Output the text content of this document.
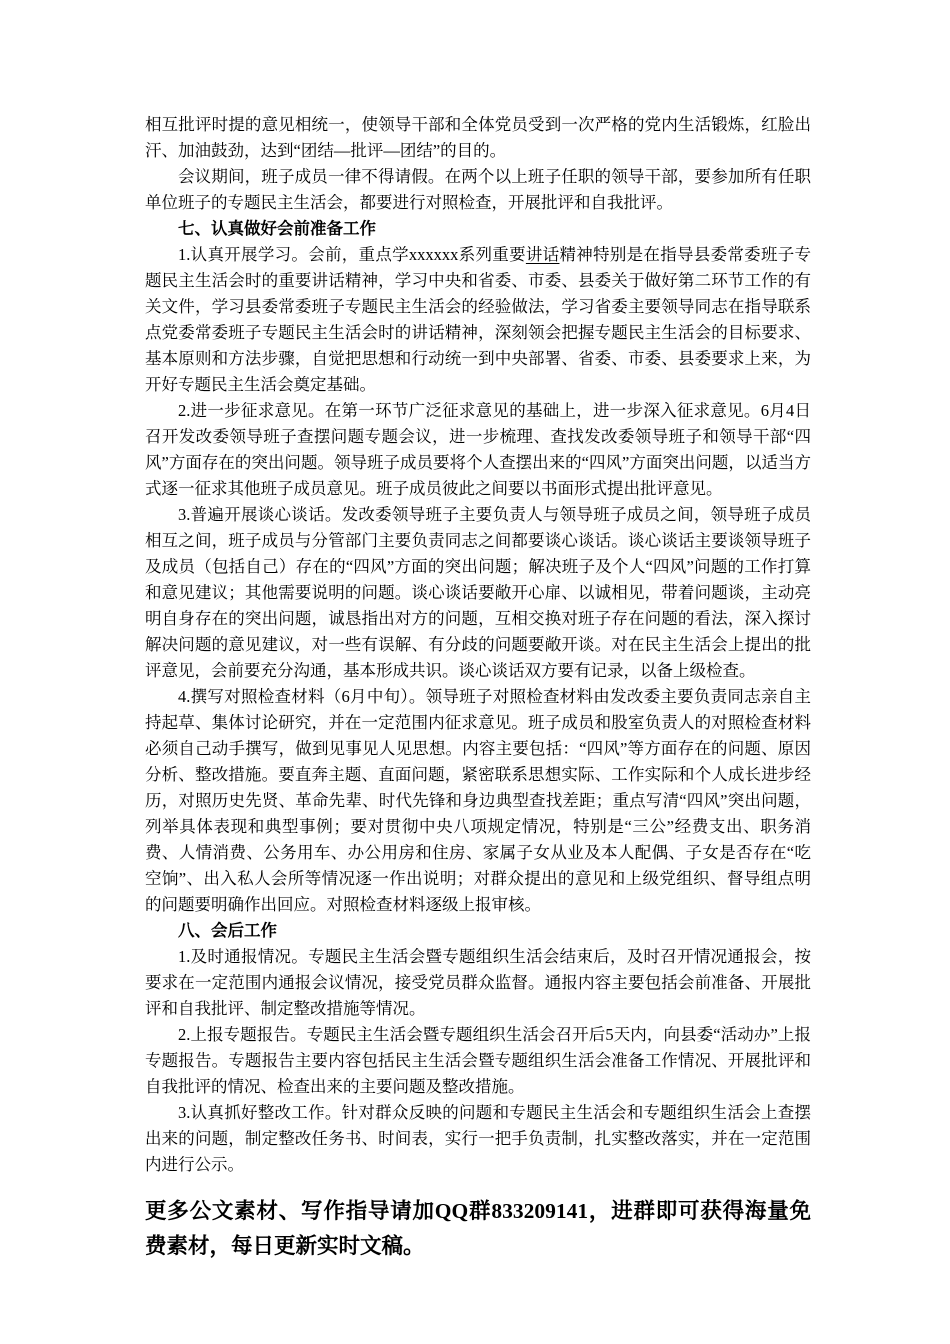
相互批评时提的意见相统一，使领导干部和全体党员受到一次严格的党内生活锻炼，红脸出汗、加油鼓劲，达到“团结—批评—团结”的目的。

会议期间，班子成员一律不得请假。在两个以上班子任职的领导干部，要参加所有任职单位班子的专题民主生活会，都要进行对照检查，开展批评和自我批评。

七、认真做好会前准备工作

1.认真开展学习。会前，重点学xxxxxx系列重要讲话精神特别是在指导县委常委班子专题民主生活会时的重要讲话精神，学习中央和省委、市委、县委关于做好第二环节工作的有关文件，学习县委常委班子专题民主生活会的经验做法，学习省委主要领导同志在指导联系点党委常委班子专题民主生活会时的讲话精神，深刻领会把握专题民主生活会的目标要求、基本原则和方法步骤，自觉把思想和行动统一到中央部署、省委、市委、县委要求上来，为开好专题民主生活会奠定基础。

2.进一步征求意见。在第一环节广泛征求意见的基础上，进一步深入征求意见。6月4日召开发改委领导班子查摆问题专题会议，进一步梳理、查找发改委领导班子和领导干部“四风”方面存在的突出问题。领导班子成员要将个人查摆出来的“四风”方面突出问题，以适当方式逐一征求其他班子成员意见。班子成员彼此之间要以书面形式提出批评意见。

3.普遍开展谈心谈话。发改委领导班子主要负责人与领导班子成员之间，领导班子成员相互之间，班子成员与分管部门主要负责同志之间都要谈心谈话。谈心谈话主要谈领导班子及成员（包括自己）存在的“四风”方面的突出问题；解决班子及个人“四风”问题的工作打算和意见建议；其他需要说明的问题。谈心谈话要敞开心扉、以诚相见，带着问题谈，主动亮明自身存在的突出问题，诚恳指出对方的问题，互相交换对班子存在问题的看法，深入探讨解决问题的意见建议，对一些有误解、有分歧的问题要敞开谈。对在民主生活会上提出的批评意见，会前要充分沟通，基本形成共识。谈心谈话双方要有记录，以备上级检查。

4.撰写对照检查材料（6月中旬）。领导班子对照检查材料由发改委主要负责同志亲自主持起草、集体讨论研究，并在一定范围内征求意见。班子成员和股室负责人的对照检查材料必须自己动手撰写，做到见事见人见思想。内容主要包括：“四风”等方面存在的问题、原因分析、整改措施。要直奔主题、直面问题，紧密联系思想实际、工作实际和个人成长进步经历，对照历史先贤、革命先辈、时代先锋和身边典型查找差距；重点写清“四风”突出问题，列举具体表现和典型事例；要对贯彻中央八项规定情况，特别是“三公”经费支出、职务消费、人情消费、公务用车、办公用房和住房、家属子女从业及本人配偶、子女是否存在“吃空饷”、出入私人会所等情况逐一作出说明；对群众提出的意见和上级党组织、督导组点明的问题要明确作出回应。对照检查材料逐级上报审核。

八、会后工作

1.及时通报情况。专题民主生活会暨专题组织生活会结束后，及时召开情况通报会，按要求在一定范围内通报会议情况，接受党员群众监督。通报内容主要包括会前准备、开展批评和自我批评、制定整改措施等情况。

2.上报专题报告。专题民主生活会暨专题组织生活会召开后5天内，向县委“活动办”上报专题报告。专题报告主要内容包括民主生活会暨专题组织生活会准备工作情况、开展批评和自我批评的情况、检查出来的主要问题及整改措施。

3.认真抓好整改工作。针对群众反映的问题和专题民主生活会和专题组织生活会上查摆出来的问题，制定整改任务书、时间表，实行一把手负责制，扎实整改落实，并在一定范围内进行公示。

更多公文素材、写作指导请加QQ群833209141，进群即可获得海量免费素材，每日更新实时文稿。
